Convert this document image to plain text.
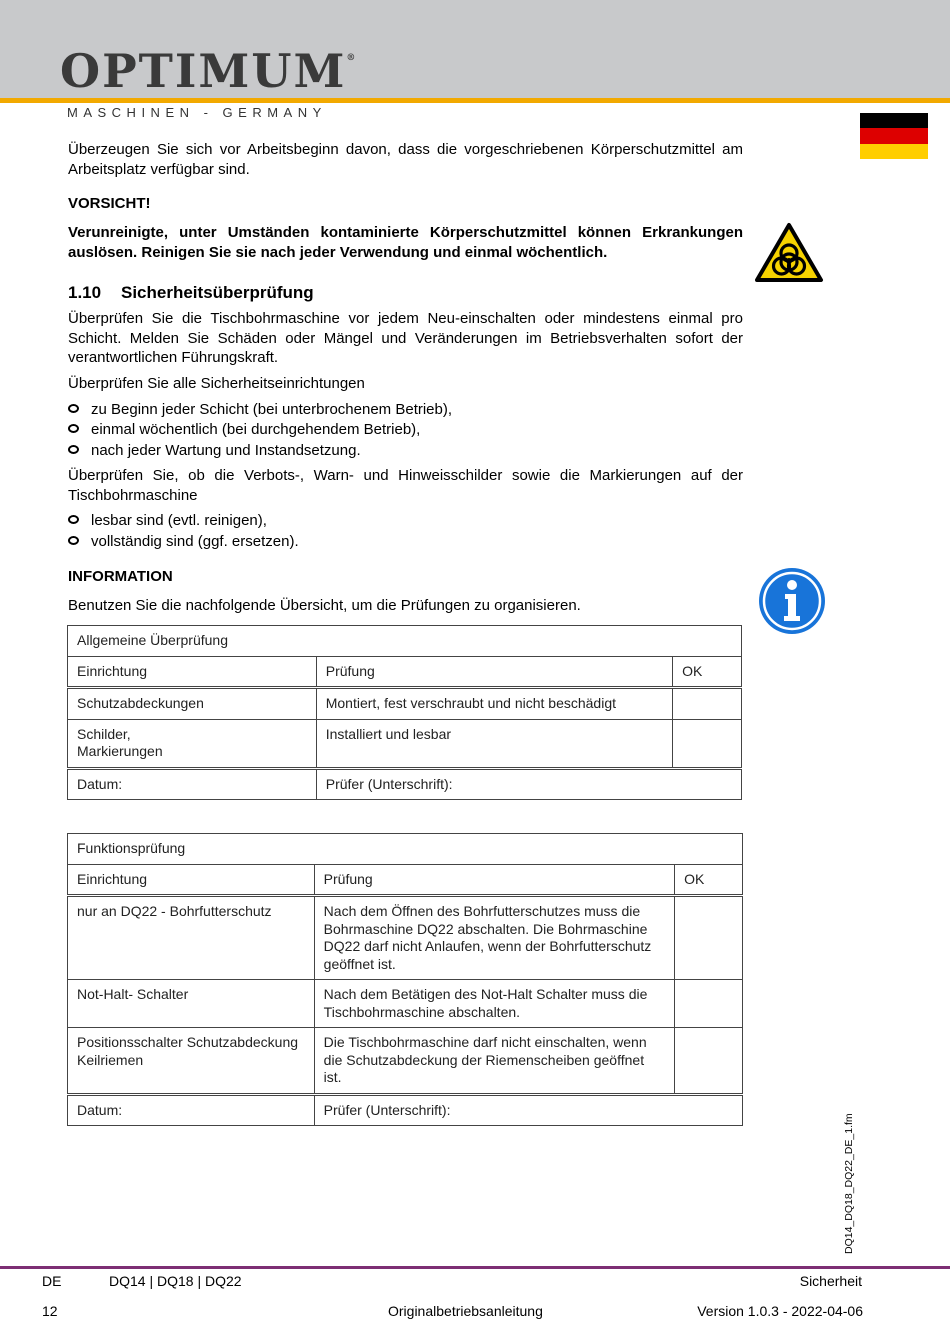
OPTIMUM®
MASCHINEN - GERMANY
Überzeugen Sie sich vor Arbeitsbeginn davon, dass die vorgeschriebenen Körperschutzmittel am Arbeitsplatz verfügbar sind.
VORSICHT!
Verunreinigte, unter Umständen kontaminierte Körperschutzmittel können Erkrankungen auslösen. Reinigen Sie sie nach jeder Verwendung und einmal wöchentlich.
1.10 Sicherheitsüberprüfung
Überprüfen Sie die Tischbohrmaschine vor jedem Neu-einschalten oder mindestens einmal pro Schicht. Melden Sie Schäden oder Mängel und Veränderungen im Betriebsverhalten sofort der verantwortlichen Führungskraft.
Überprüfen Sie alle Sicherheitseinrichtungen
zu Beginn jeder Schicht (bei unterbrochenem Betrieb),
einmal wöchentlich (bei durchgehendem Betrieb),
nach jeder Wartung und Instandsetzung.
Überprüfen Sie, ob die Verbots-, Warn- und Hinweisschilder sowie die Markierungen auf der Tischbohrmaschine
lesbar sind (evtl. reinigen),
vollständig sind (ggf. ersetzen).
INFORMATION
Benutzen Sie die nachfolgende Übersicht, um die Prüfungen zu organisieren.
Allgemeine Überprüfung		
Einrichtung	Prüfung	OK
Schutzabdeckungen	Montiert, fest verschraubt und nicht beschädigt	
Schilder,
Markierungen	Installiert und lesbar	
Datum:	Prüfer (Unterschrift):	
Funktionsprüfung		
Einrichtung	Prüfung	OK
nur an DQ22 - Bohrfutterschutz	Nach dem Öffnen des Bohrfutterschutzes muss die Bohrmaschine DQ22 abschalten. Die Bohrmaschine DQ22 darf nicht Anlaufen, wenn der Bohrfutterschutz geöffnet ist.	
Not-Halt- Schalter	Nach dem Betätigen des Not-Halt Schalter muss die Tischbohrmaschine abschalten.	
Positionsschalter Schutzabdeckung Keilriemen	Die Tischbohrmaschine darf nicht einschalten, wenn die Schutzabdeckung der Riemenscheiben geöffnet ist.	
Datum:	Prüfer (Unterschrift):	
DQ14_DQ18_DQ22_DE_1.fm
DE	DQ14 | DQ18 | DQ22	Sicherheit
12	Originalbetriebsanleitung	Version 1.0.3 - 2022-04-06
